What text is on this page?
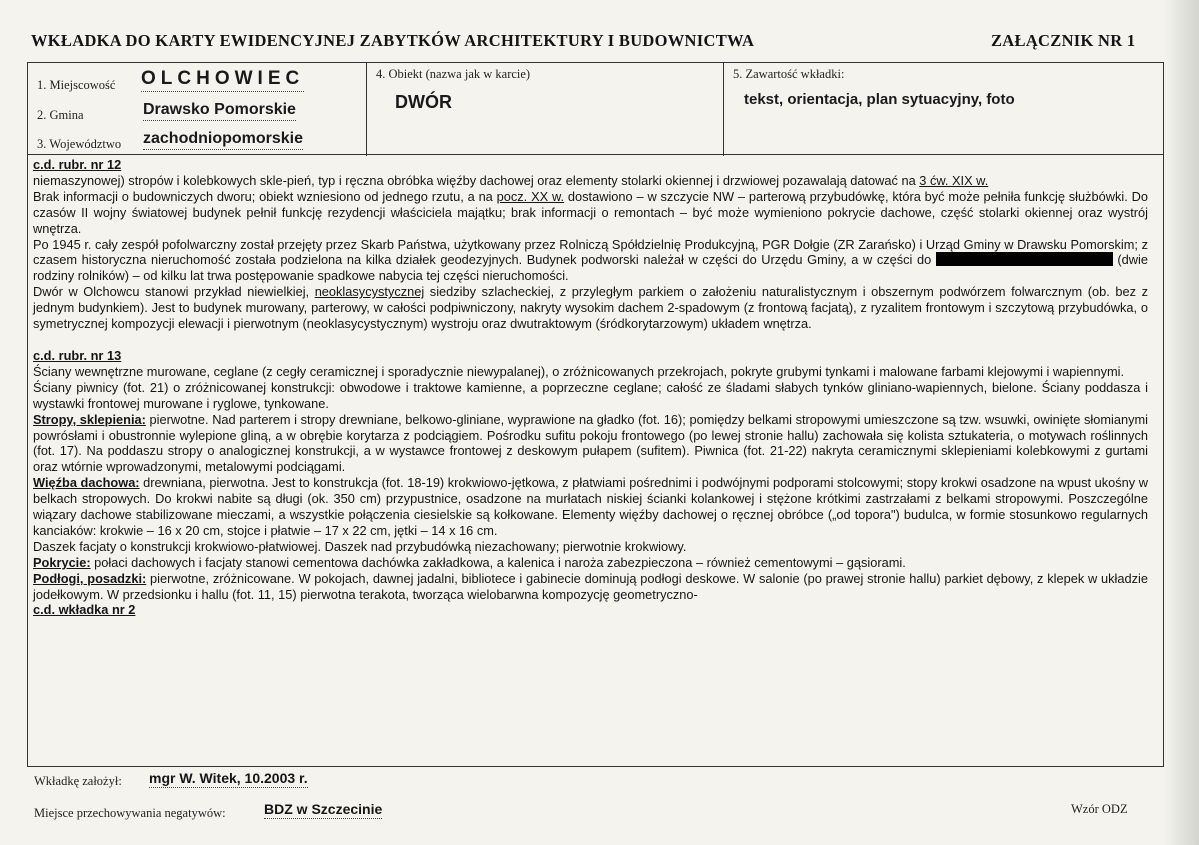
WKŁADKA DO KARTY EWIDENCYJNEJ ZABYTKÓW ARCHITEKTURY I BUDOWNICTWA	ZAŁĄCZNIK NR 1
1. Miejscowość OLCHOWIEC
2. Gmina	Drawsko Pomorskie
3. Województwo zachodniopomorskie
4. Obiekt (nazwa jak w karcie)
DWÓR
5. Zawartość wkładki:
tekst, orientacja, plan sytuacyjny, foto

c.d. rubr. nr 12

niemaszynowej) stropów i kolebkowych skle-pień, typ i ręczna obróbka więźby dachowej oraz elementy stolarki okiennej i drzwiowej pozawalają datować na 3 ćw. XIX w.

Brak informacji o budowniczych dworu; obiekt wzniesiono od jednego rzutu, a na pocz. XX w. dostawiono – w szczycie NW – parterową przybudówkę, która być może pełniła funkcję służbówki. Do czasów II wojny światowej budynek pełnił funkcję rezydencji właściciela majątku; brak informacji o remontach – być może wymieniono pokrycie dachowe, część stolarki okiennej oraz wystrój wnętrza.

Po 1945 r. cały zespół pofolwarczny został przejęty przez Skarb Państwa, użytkowany przez Rolniczą Spółdzielnię Produkcyjną, PGR Dołgie (ZR Zarańsko) i Urząd Gminy w Drawsku Pomorskim; z czasem historyczna nieruchomość została podzielona na kilka działek geodezyjnych. Budynek podworski należał w części do Urzędu Gminy, a w części do	(dwie rodziny rolników) – od kilku lat trwa postępowanie spadkowe nabycia tej części nieruchomości.

Dwór w Olchowcu stanowi przykład niewielkiej, neoklasycystycznej siedziby szlacheckiej, z przyległym parkiem o założeniu naturalistycznym i obszernym podwórzem folwarcznym (ob. bez z jednym budynkiem). Jest to budynek murowany, parterowy, w całości podpiwniczony, nakryty wysokim dachem 2-spadowym (z frontową facjatą), z ryzalitem frontowym i szczytową przybudówka, o symetrycznej kompozycji elewacji i pierwotnym (neoklasycystycznym) wystroju oraz dwutraktowym (śródkorytarzowym) układem wnętrza.

c.d. rubr. nr 13

Ściany wewnętrzne murowane, ceglane (z cegły ceramicznej i sporadycznie niewypalanej), o zróżnicowanych przekrojach, pokryte grubymi tynkami i malowane farbami klejowymi i wapiennymi.

Ściany piwnicy (fot. 21) o zróżnicowanej konstrukcji: obwodowe i traktowe kamienne, a poprzeczne ceglane; całość ze śladami słabych tynków gliniano-wapiennych, bielone. Ściany poddasza i wystawki frontowej murowane i ryglowe, tynkowane.

Stropy, sklepienia: pierwotne. Nad parterem i stropy drewniane, belkowo-gliniane, wyprawione na gładko (fot. 16); pomiędzy belkami stropowymi umieszczone są tzw. wsuwki, owinięte słomianymi powrósłami i obustronnie wylepione gliną, a w obrębie korytarza z podciągiem. Pośrodku sufitu pokoju frontowego (po lewej stronie hallu) zachowała się kolista sztukateria, o motywach roślinnych (fot. 17). Na poddaszu stropy o analogicznej konstrukcji, a w wystawce frontowej z deskowym pułapem (sufitem). Piwnica (fot. 21-22) nakryta ceramicznymi sklepieniami kolebkowymi z gurtami oraz wtórnie wprowadzonymi, metalowymi podciągami.

Więźba dachowa: drewniana, pierwotna. Jest to konstrukcja (fot. 18-19) krokwiowo-jętkowa, z płatwiami pośrednimi i podwójnymi podporami stolcowymi; stopy krokwi osadzone na wpust ukośny w belkach stropowych. Do krokwi nabite są długi (ok. 350 cm) przypustnice, osadzone na murłatach niskiej ścianki kolankowej i stężone krótkimi zastrzałami z belkami stropowymi. Poszczególne wiązary dachowe stabilizowane mieczami, a wszystkie połączenia ciesielskie są kołkowane. Elementy więźby dachowej o ręcznej obróbce („od topora") budulca, w formie stosunkowo regularnych kanciaków: krokwie – 16 x 20 cm, stojce i płatwie – 17 x 22 cm, jętki – 14 x 16 cm.

Daszek facjaty o konstrukcji krokwiowo-płatwiowej. Daszek nad przybudówką niezachowany; pierwotnie krokwiowy.

Pokrycie: połaci dachowych i facjaty stanowi cementowa dachówka zakładkowa, a kalenica i naroża zabezpieczona – również cementowymi – gąsiorami.

Podłogi, posadzki: pierwotne, zróżnicowane. W pokojach, dawnej jadalni, bibliotece i gabinecie dominują podłogi deskowe. W salonie (po prawej stronie hallu) parkiet dębowy, z klepek w układzie jodełkowym. W przedsionku i hallu (fot. 11, 15) pierwotna terakota, tworząca wielobarwna kompozycję geometryczno-

c.d. wkładka nr 2

Wkładkę założył: mgr W. Witek, 10.2003 r.
Miejsce przechowywania negatywów:	BDZ w Szczecinie	Wzór ODZ
